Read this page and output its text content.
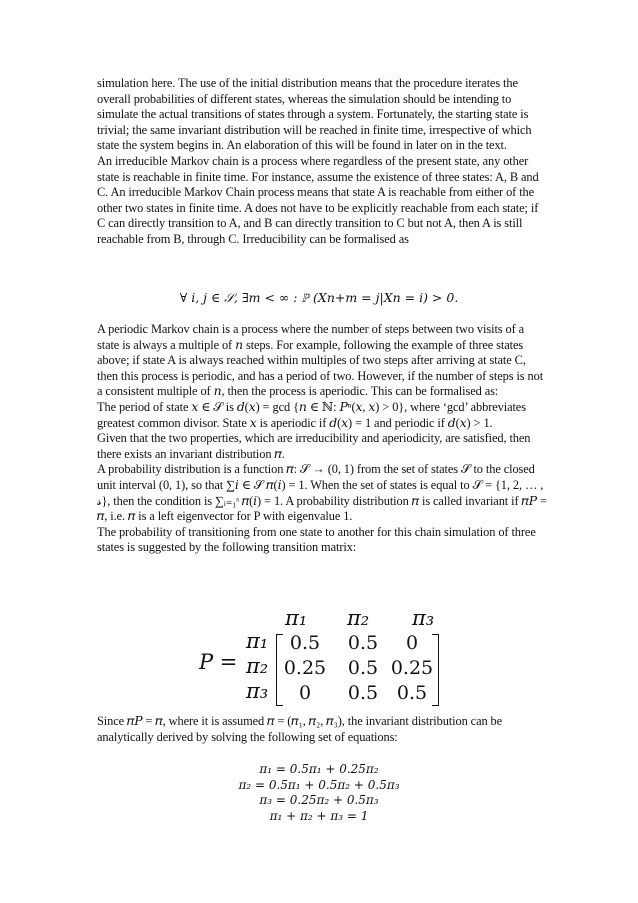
simulation here. The use of the initial distribution means that the procedure iterates the overall probabilities of different states, whereas the simulation should be intending to simulate the actual transitions of states through a system. Fortunately, the starting state is trivial; the same invariant distribution will be reached in finite time, irrespective of which state the system begins in. An elaboration of this will be found in later on in the text.

An irreducible Markov chain is a process where regardless of the present state, any other state is reachable in finite time. For instance, assume the existence of three states: A, B and C. An irreducible Markov Chain process means that state A is reachable from either of the other two states in finite time. A does not have to be explicitly reachable from each state; if C can directly transition to A, and B can directly transition to C but not A, then A is still reachable from B, through C. Irreducibility can be formalised as

∀ 𝑖, 𝑗 ∈ 𝒮, ∃𝑚 < ∞ : ℙ (𝑋𝑛+𝑚 = 𝑗|𝑋𝑛 = 𝑖) > 0.

A periodic Markov chain is a process where the number of steps between two visits of a state is always a multiple of 𝑛 steps. For example, following the example of three states above; if state A is always reached within multiples of two steps after arriving at state C, then this process is periodic, and has a period of two. However, if the number of steps is not a consistent multiple of 𝑛, then the process is aperiodic. This can be formalised as:

The period of state 𝑥 ∈ 𝒮 is 𝑑(𝑥) = gcd {𝑛 ∈ ℕ: 𝑃ⁿ(𝑥, 𝑥) > 0}, where ‘gcd’ abbreviates greatest common divisor. State 𝑥 is aperiodic if 𝑑(𝑥) = 1 and periodic if 𝑑(𝑥) > 1.

Given that the two properties, which are irreducibility and aperiodicity, are satisfied, then there exists an invariant distribution 𝜋.

A probability distribution is a function 𝜋: 𝒮 → (0, 1) from the set of states 𝒮 to the closed unit interval (0, 1), so that ∑𝑖 ∈ 𝒮 𝜋(𝑖) = 1. When the set of states is equal to 𝒮 = {1, 2, … , 𝓈}, then the condition is ∑ᵢ₌₁ˢ 𝜋(𝑖) = 1. A probability distribution 𝜋 is called invariant if 𝜋𝑃 = 𝜋, i.e. 𝜋 is a left eigenvector for P with eigenvalue 1.

The probability of transitioning from one state to another for this chain simulation of three states is suggested by the following transition matrix:

𝑃 =
𝜋₁ 𝜋₂ 𝜋₃
𝜋₁
𝜋₂
𝜋₃
0.5 0.5 0
0.25 0.5 0.25
0 0.5 0.5

Since 𝜋𝑃 = 𝜋, where it is assumed 𝜋 = (𝜋₁, 𝜋₂, 𝜋₃), the invariant distribution can be analytically derived by solving the following set of equations:

𝜋₁ = 0.5𝜋₁ + 0.25𝜋₂
𝜋₂ = 0.5𝜋₁ + 0.5𝜋₂ + 0.5𝜋₃
𝜋₃ = 0.25𝜋₂ + 0.5𝜋₃
𝜋₁ + 𝜋₂ + 𝜋₃ = 1
